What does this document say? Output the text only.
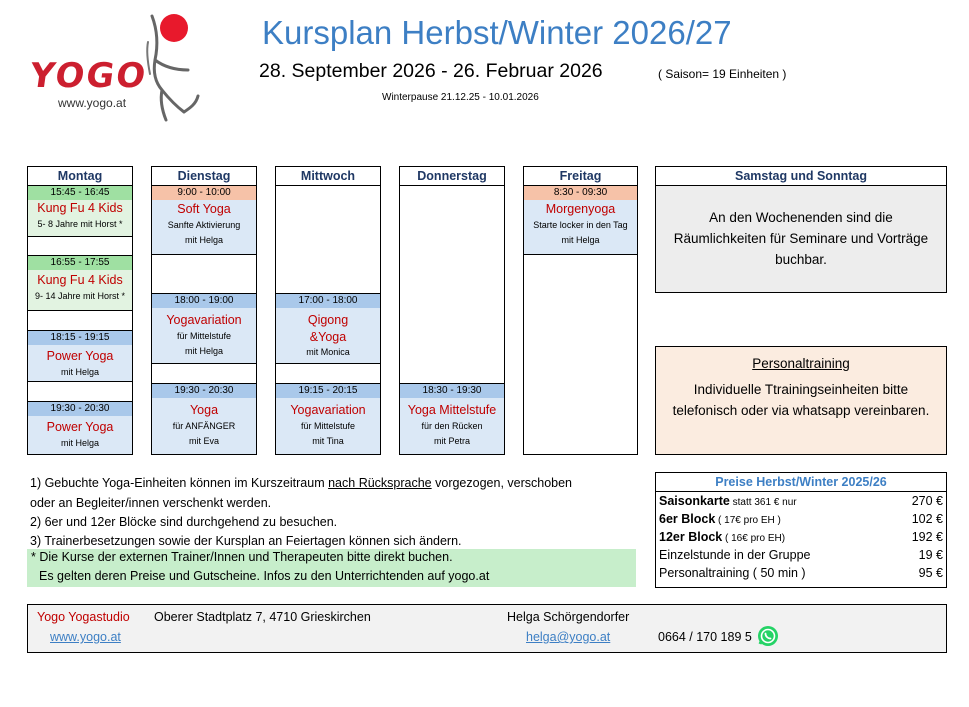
YOGO
www.yogo.at
Kursplan Herbst/Winter 2026/27
28. September 2026 - 26. Februar 2026	( Saison= 19 Einheiten )
Winterpause 21.12.25 - 10.01.2026
Montag
15:45 - 16:45
Kung Fu 4 Kids
5- 8 Jahre mit Horst *
16:55 - 17:55
Kung Fu 4 Kids
9- 14 Jahre mit Horst *
18:15 - 19:15
Power Yoga
mit Helga
19:30 - 20:30
Power Yoga
mit Helga
Dienstag
9:00 - 10:00
Soft Yoga
Sanfte Aktivierung
mit Helga
18:00 - 19:00
Yogavariation
für Mittelstufe
mit Helga
19:30 - 20:30
Yoga
für ANFÄNGER
mit Eva
Mittwoch
17:00 - 18:00
Qigong
&Yoga
mit Monica
19:15 - 20:15
Yogavariation
für Mittelstufe
mit Tina
Donnerstag
18:30 - 19:30
Yoga Mittelstufe
für den Rücken
mit Petra
Freitag
8:30 - 09:30
Morgenyoga
Starte locker in den Tag
mit Helga
Samstag und Sonntag
An den Wochenenden sind die
Räumlichkeiten für Seminare und Vorträge
buchbar.
Personaltraining
Individuelle Ttrainingseinheiten bitte
telefonisch oder via whatsapp vereinbaren.
1) Gebuchte Yoga-Einheiten können im Kurszeitraum nach Rücksprache vorgezogen, verschoben
oder an Begleiter/innen verschenkt werden.
2) 6er und 12er Blöcke sind durchgehend zu besuchen.
3) Trainerbesetzungen sowie der Kursplan an Feiertagen können sich ändern.
* Die Kurse der externen Trainer/Innen und Therapeuten bitte direkt buchen.
Es gelten deren Preise und Gutscheine. Infos zu den Unterrichtenden auf yogo.at
Preise Herbst/Winter 2025/26
Saisonkarte statt 361 € nur	270 €
6er Block ( 17€ pro EH )	102 €
12er Block ( 16€ pro EH)	192 €
Einzelstunde in der Gruppe	19 €
Personaltraining ( 50 min )	95 €
Yogo Yogastudio Oberer Stadtplatz 7, 4710 Grieskirchen	Helga Schörgendorfer
www.yogo.at	helga@yogo.at	0664 / 170 189 5
